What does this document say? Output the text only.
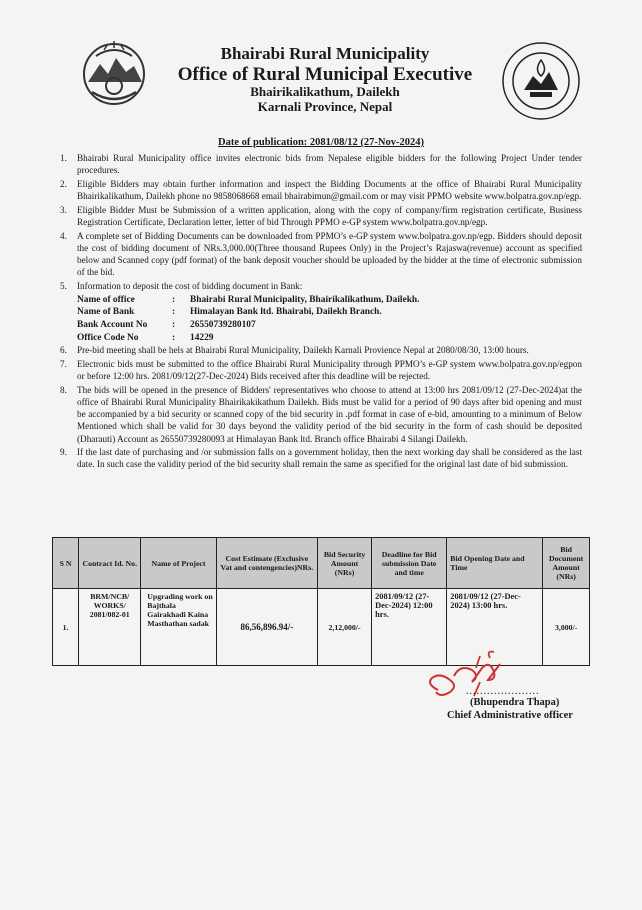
Bhairabi Rural Municipality
Office of Rural Municipal Executive
Bhairikalikathum, Dailekh
Karnali Province, Nepal
Date of publication: 2081/08/12 (27-Nov-2024)
1.	Bhairabi Rural Municipality office invites electronic bids from Nepalese eligible bidders for the following Project Under tender procedures.
2.	Eligible Bidders may obtain further information and inspect the Bidding Documents at the office of Bhairabi Rural Municipality Bhairikalikathum, Dailekh phone no 9858068668 email bhairabimun@gmail.com or may visit PPMO website www.bolpatra.gov.np/egp.
3.	Eligible Bidder Must be Submission of a written application, along with the copy of company/firm registration certificate, Business Registration Certificate, Declaration letter, letter of bid Through PPMO e-GP system www.bolpatra.gov.np/egp.
4.	A complete set of Bidding Documents can be downloaded from PPMO’s e-GP system www.bolpatra.gov.np/egp. Bidders should deposit the cost of bidding document of NRs.3,000.00(Three thousand Rupees Only) in the Project’s Rajaswa(revenue) account as specified below and Scanned copy (pdf format) of the bank deposit voucher should be uploaded by the bidder at the time of electronic submission of the bid.
5.	Information to deposit the cost of bidding document in Bank:
Name of office	:	Bhairabi Rural Municipality, Bhairikalikathum, Dailekh.
Name of Bank	:	Himalayan Bank ltd. Bhairabi, Dailekh Branch.
Bank Account No	:	26550739280107
Office Code No	:	14229
6.	Pre-bid meeting shall be hels at Bhairabi Rural Municipality, Dailekh Karnali Provience Nepal at 2080/08/30, 13:00 hours.
7.	Electronic bids must be submitted to the office Bhairabi Rural Municipality through PPMO’s e-GP system www.bolpatra.gov.np/egpon or before 12:00 hrs. 2081/09/12(27-Dec-2024) Bids received after this deadline will be rejected.
8.	The bids will be opened in the presence of Bidders' representatives who choose to attend at 13:00 hrs 2081/09/12 (27-Dec-2024)at the office of Bhairabi Rural Municipality Bhairikakikathum Dailekh. Bids must be valid for a period of 90 days after bid opening and must be accompanied by a bid security or scanned copy of the bid security in .pdf format in case of e-bid, amounting to a minimum of Below Mentioned which shall be valid for 30 days beyond the validity period of the bid security in the form of cash should be deposited (Dharauti) Account as 26550739280093 at Himalayan Bank ltd. Branch office Bhairabi 4 Silangi Dailekh.
9.	If the last date of purchasing and /or submission falls on a government holiday, then the next working day shall be considered as the last date. In such case the validity period of the bid security shall remain the same as specified for the original last date of bid submission.
S N	Contract Id. No.	Name of Project	Cost Estimate (Exclusive Vat and contengencies)NRs.	Bid Security Amount (NRs)	Deadline for Bid submission Date and time	Bid Opening Date and Time	Bid Document Amount (NRs)
1.	BRM/NCB/ WORKS/ 2081/082-01	Upgrading work on Bajthala Gairakhadi Kaina Masthathan sadak	86,56,896.94/-	2,12,000/-	2081/09/12 (27-Dec-2024) 12:00 hrs.	2081/09/12 (27-Dec-2024) 13:00 hrs.	3,000/-
.....................
(Bhupendra Thapa)
Chief Administrative officer
